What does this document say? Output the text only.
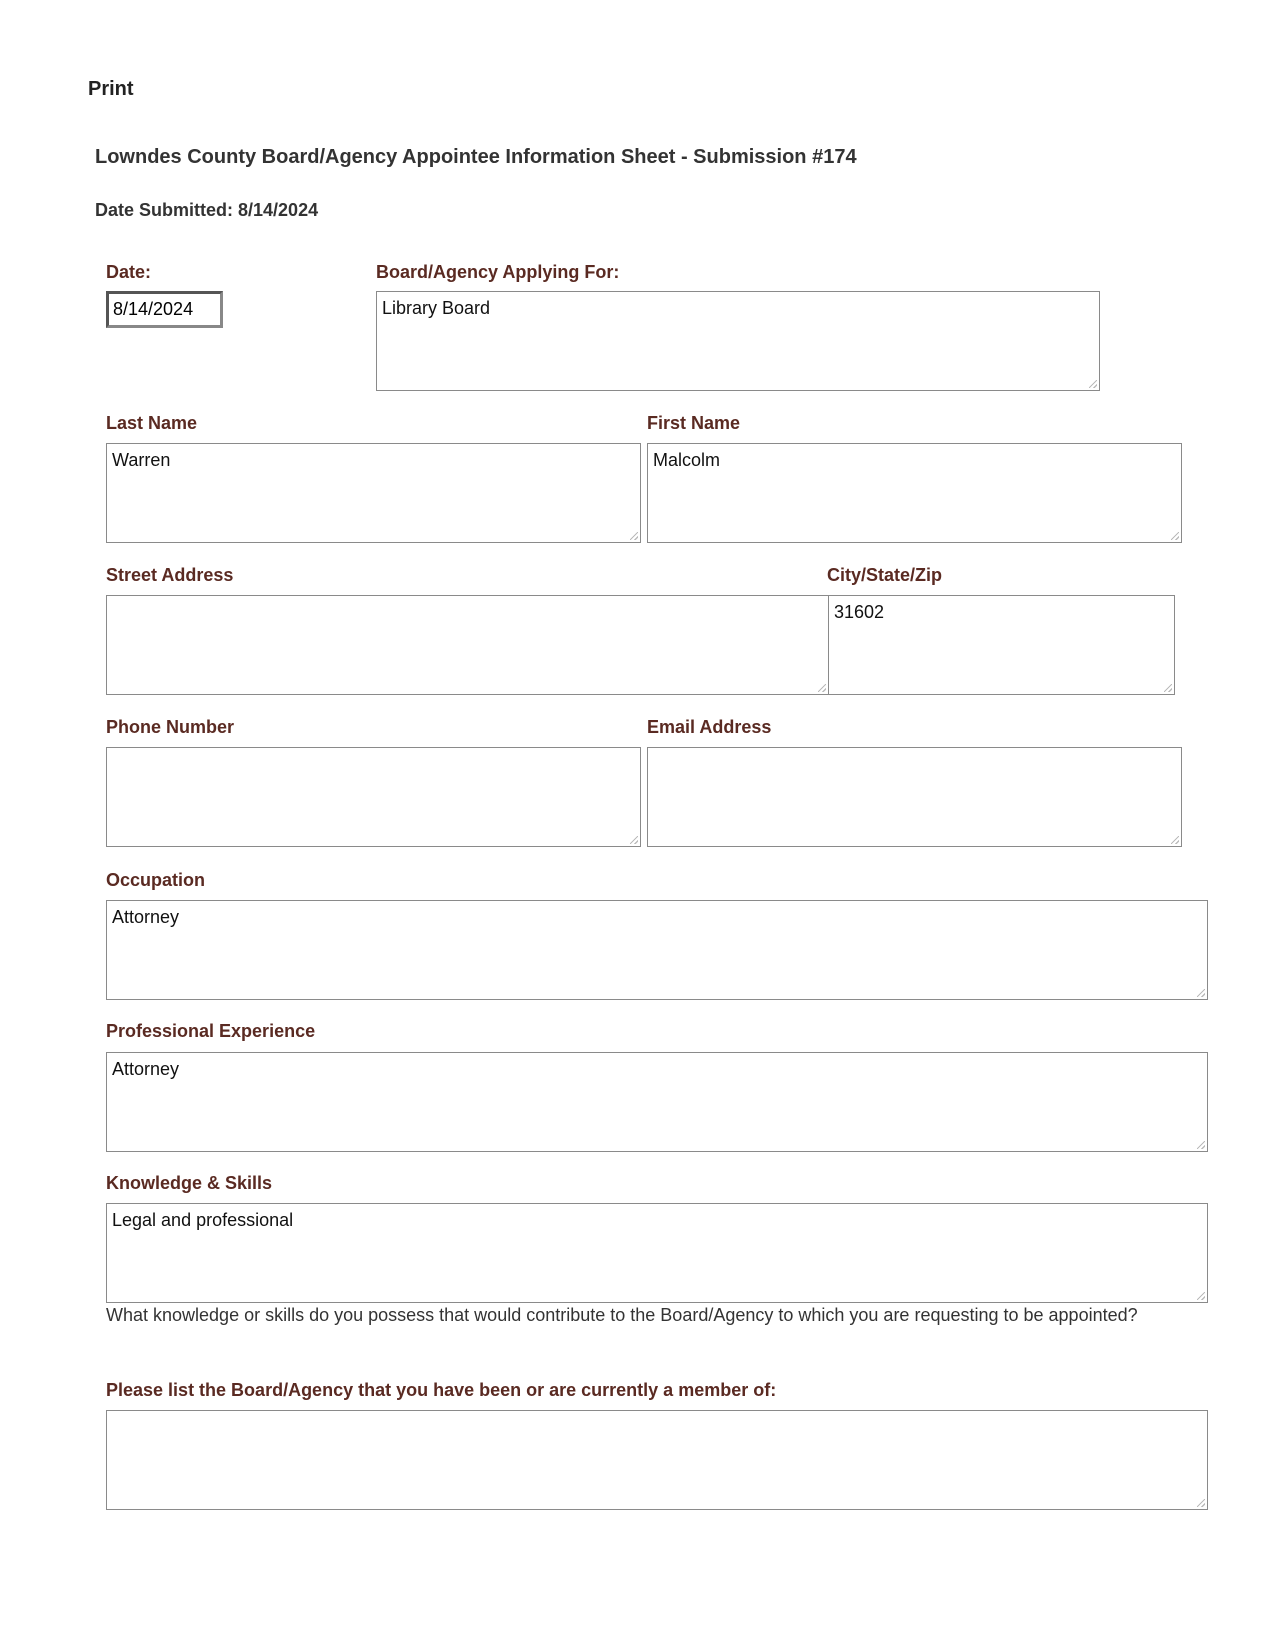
Print
Lowndes County Board/Agency Appointee Information Sheet - Submission #174
Date Submitted: 8/14/2024
Date:
8/14/2024
Board/Agency Applying For:
Library Board
Last Name
Warren
First Name
Malcolm
Street Address	City/State/Zip
31602
Phone Number	Email Address
Occupation
Attorney
Professional Experience
Attorney
Knowledge & Skills
Legal and professional
What knowledge or skills do you possess that would contribute to the Board/Agency to which you are requesting to be appointed?
Please list the Board/Agency that you have been or are currently a member of:
